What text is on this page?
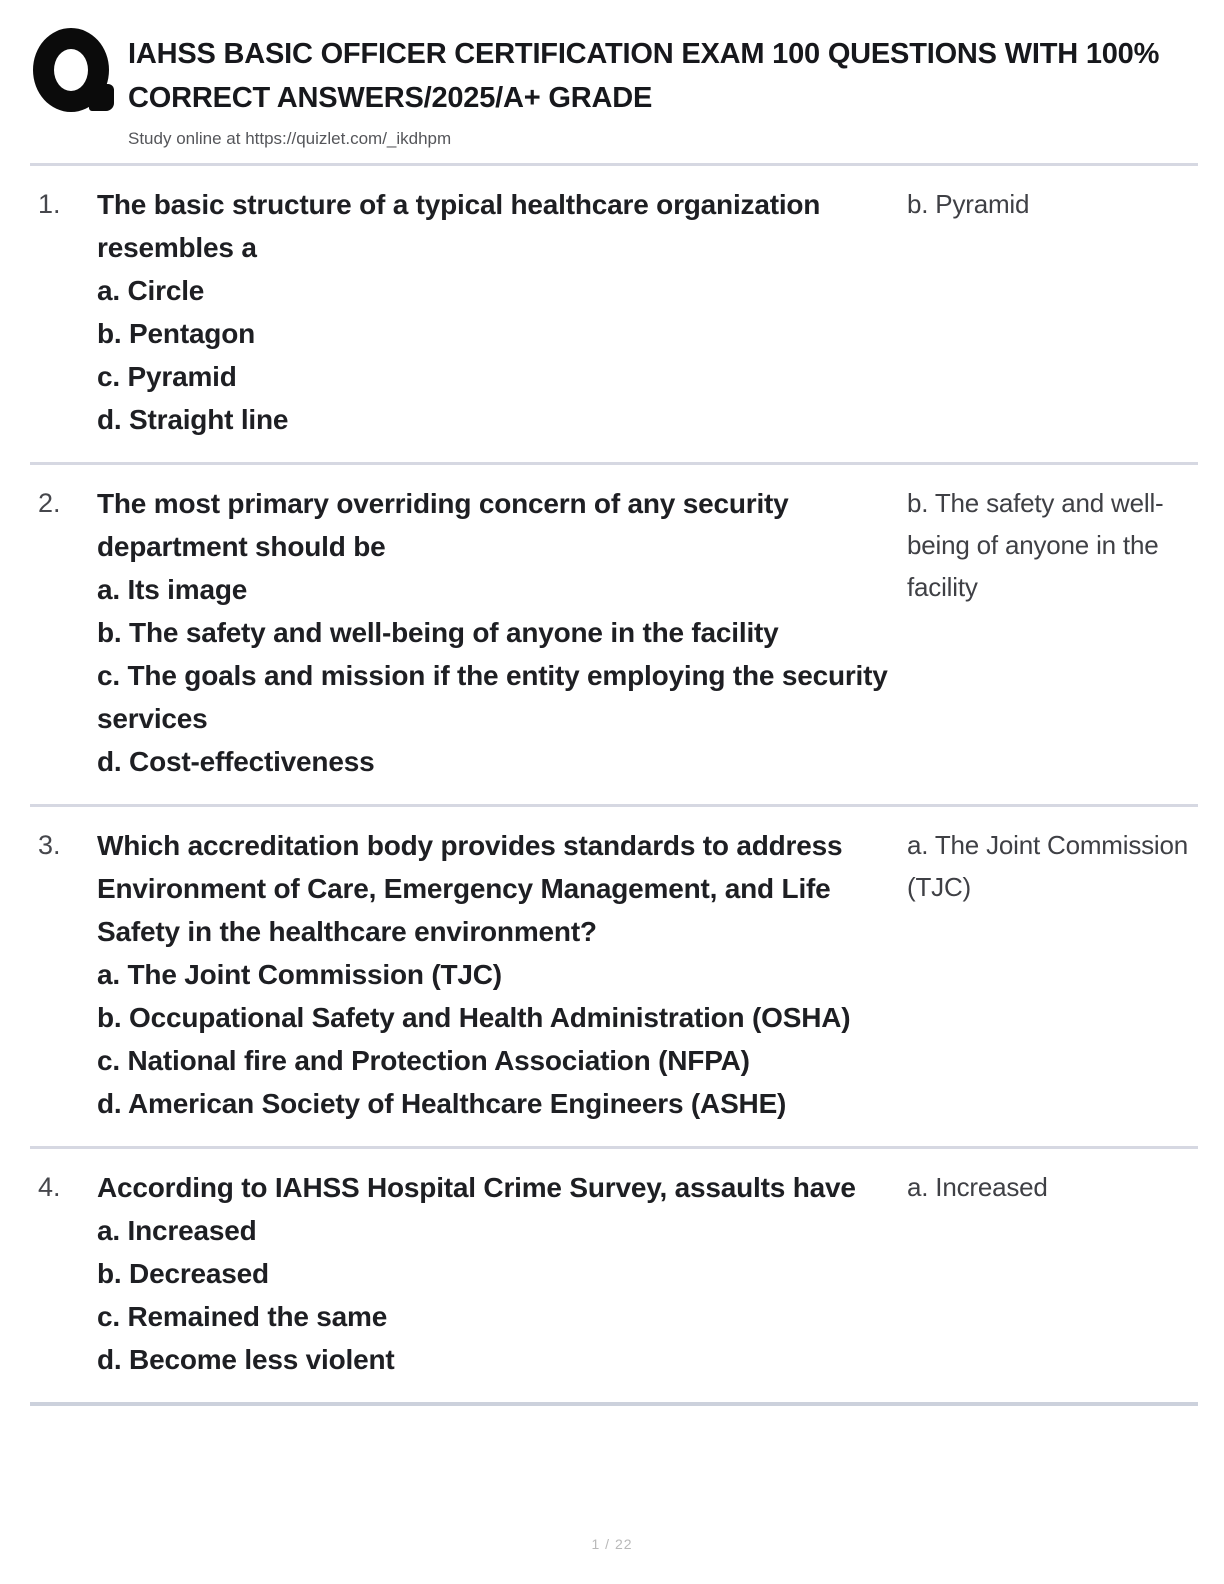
IAHSS BASIC OFFICER CERTIFICATION EXAM 100 QUESTIONS WITH 100% CORRECT ANSWERS/2025/A+ GRADE
Study online at https://quizlet.com/_ikdhpm
1.	The basic structure of a typical healthcare organization resembles a
a. Circle
b. Pentagon
c. Pyramid
d. Straight line
b. Pyramid
2.	The most primary overriding concern of any security department should be
a. Its image
b. The safety and well-being of anyone in the facility
c. The goals and mission if the entity employing the security services
d. Cost-effectiveness
b. The safety and well-being of anyone in the facility
3.	Which accreditation body provides standards to address Environment of Care, Emergency Management, and Life Safety in the healthcare environment?
a. The Joint Commission (TJC)
b. Occupational Safety and Health Administration (OSHA)
c. National fire and Protection Association (NFPA)
d. American Society of Healthcare Engineers (ASHE)
a. The Joint Commission (TJC)
4.	According to IAHSS Hospital Crime Survey, assaults have
a. Increased
b. Decreased
c. Remained the same
d. Become less violent
a. Increased
1 / 22
